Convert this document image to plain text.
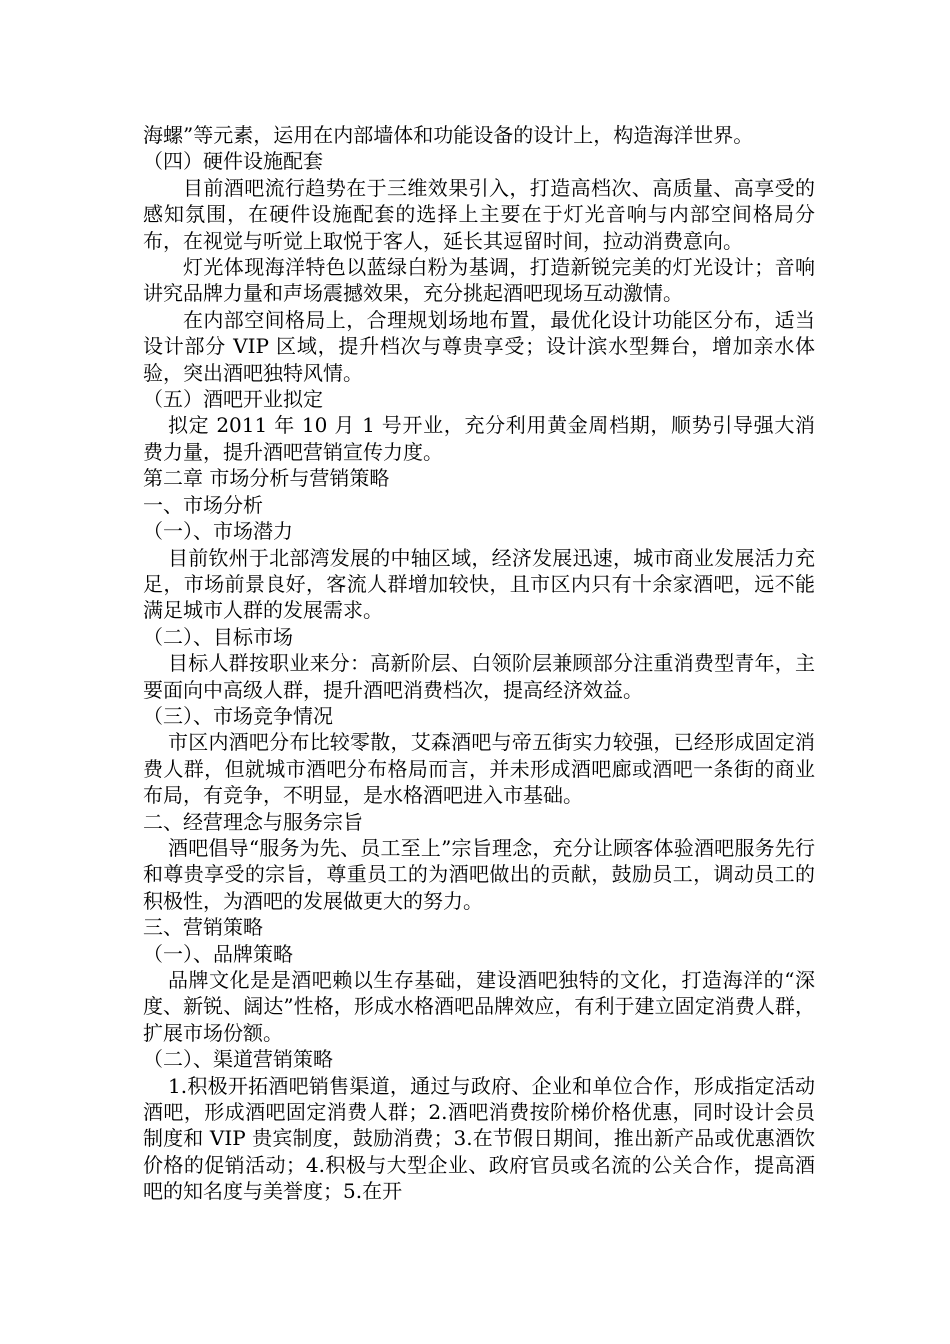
海螺”等元素，运用在内部墙体和功能设备的设计上，构造海洋世界。

（四）硬件设施配套

目前酒吧流行趋势在于三维效果引入，打造高档次、高质量、高享受的感知氛围，在硬件设施配套的选择上主要在于灯光音响与内部空间格局分布，在视觉与听觉上取悦于客人，延长其逗留时间，拉动消费意向。

灯光体现海洋特色以蓝绿白粉为基调，打造新锐完美的灯光设计；音响讲究品牌力量和声场震撼效果，充分挑起酒吧现场互动激情。

在内部空间格局上，合理规划场地布置，最优化设计功能区分布，适当设计部分 VIP 区域，提升档次与尊贵享受；设计滨水型舞台，增加亲水体验，突出酒吧独特风情。

（五）酒吧开业拟定

拟定 2011 年 10 月 1 号开业，充分利用黄金周档期，顺势引导强大消费力量，提升酒吧营销宣传力度。

第二章 市场分析与营销策略

一、市场分析

（一）、市场潜力

目前钦州于北部湾发展的中轴区域，经济发展迅速，城市商业发展活力充足，市场前景良好，客流人群增加较快，且市区内只有十余家酒吧，远不能满足城市人群的发展需求。

（二）、目标市场

目标人群按职业来分：高新阶层、白领阶层兼顾部分注重消费型青年，主要面向中高级人群，提升酒吧消费档次，提高经济效益。

（三）、市场竞争情况

市区内酒吧分布比较零散，艾森酒吧与帝五街实力较强，已经形成固定消费人群，但就城市酒吧分布格局而言，并未形成酒吧廊或酒吧一条街的商业布局，有竞争，不明显，是水格酒吧进入市基础。

二、经营理念与服务宗旨

酒吧倡导“服务为先、员工至上”宗旨理念，充分让顾客体验酒吧服务先行和尊贵享受的宗旨，尊重员工的为酒吧做出的贡献，鼓励员工，调动员工的积极性，为酒吧的发展做更大的努力。

三、营销策略

（一）、品牌策略

品牌文化是是酒吧赖以生存基础，建设酒吧独特的文化，打造海洋的“深度、新锐、阔达”性格，形成水格酒吧品牌效应，有利于建立固定消费人群，扩展市场份额。

（二）、渠道营销策略

1.积极开拓酒吧销售渠道，通过与政府、企业和单位合作，形成指定活动酒吧，形成酒吧固定消费人群；2.酒吧消费按阶梯价格优惠，同时设计会员制度和 VIP 贵宾制度，鼓励消费；3.在节假日期间，推出新产品或优惠酒饮价格的促销活动；4.积极与大型企业、政府官员或名流的公关合作，提高酒吧的知名度与美誉度；5.在开
